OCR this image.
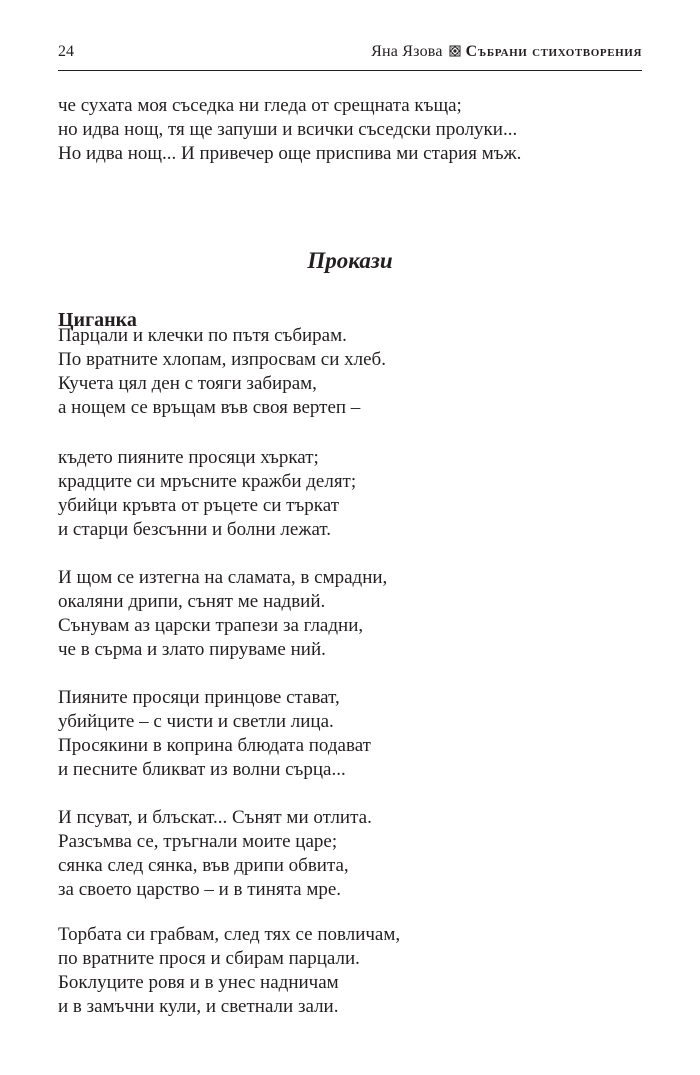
24	Яна Язова Събрани стихотворения
че сухата моя съседка ни гледа от срещната къща;
но идва нощ, тя ще запуши и всички съседски пролуки...
Но идва нощ... И привечер още приспива ми стария мъж.
Прокази
Циганка
Парцали и клечки по пътя събирам.
По вратните хлопам, изпросвам си хлеб.
Кучета цял ден с тояги забирам,
а нощем се връщам във своя вертеп –
където пияните просяци хъркат;
крадците си мръсните кражби делят;
убийци кръвта от ръцете си търкат
и старци безсънни и болни лежат.
И щом се изтегна на сламата, в смрадни,
окаляни дрипи, сънят ме надвий.
Сънувам аз царски трапези за гладни,
че в сърма и злато пируваме ний.
Пияните просяци принцове стават,
убийците – с чисти и светли лица.
Просякини в коприна блюдата подават
и песните бликват из волни сърца...
И псуват, и блъскат... Сънят ми отлита.
Разсъмва се, тръгнали моите царе;
сянка след сянка, във дрипи обвита,
за своето царство – и в тинята мре.
Торбата си грабвам, след тях се повличам,
по вратните прося и сбирам парцали.
Боклуците ровя и в унес надничам
и в замъчни кули, и светнали зали.
